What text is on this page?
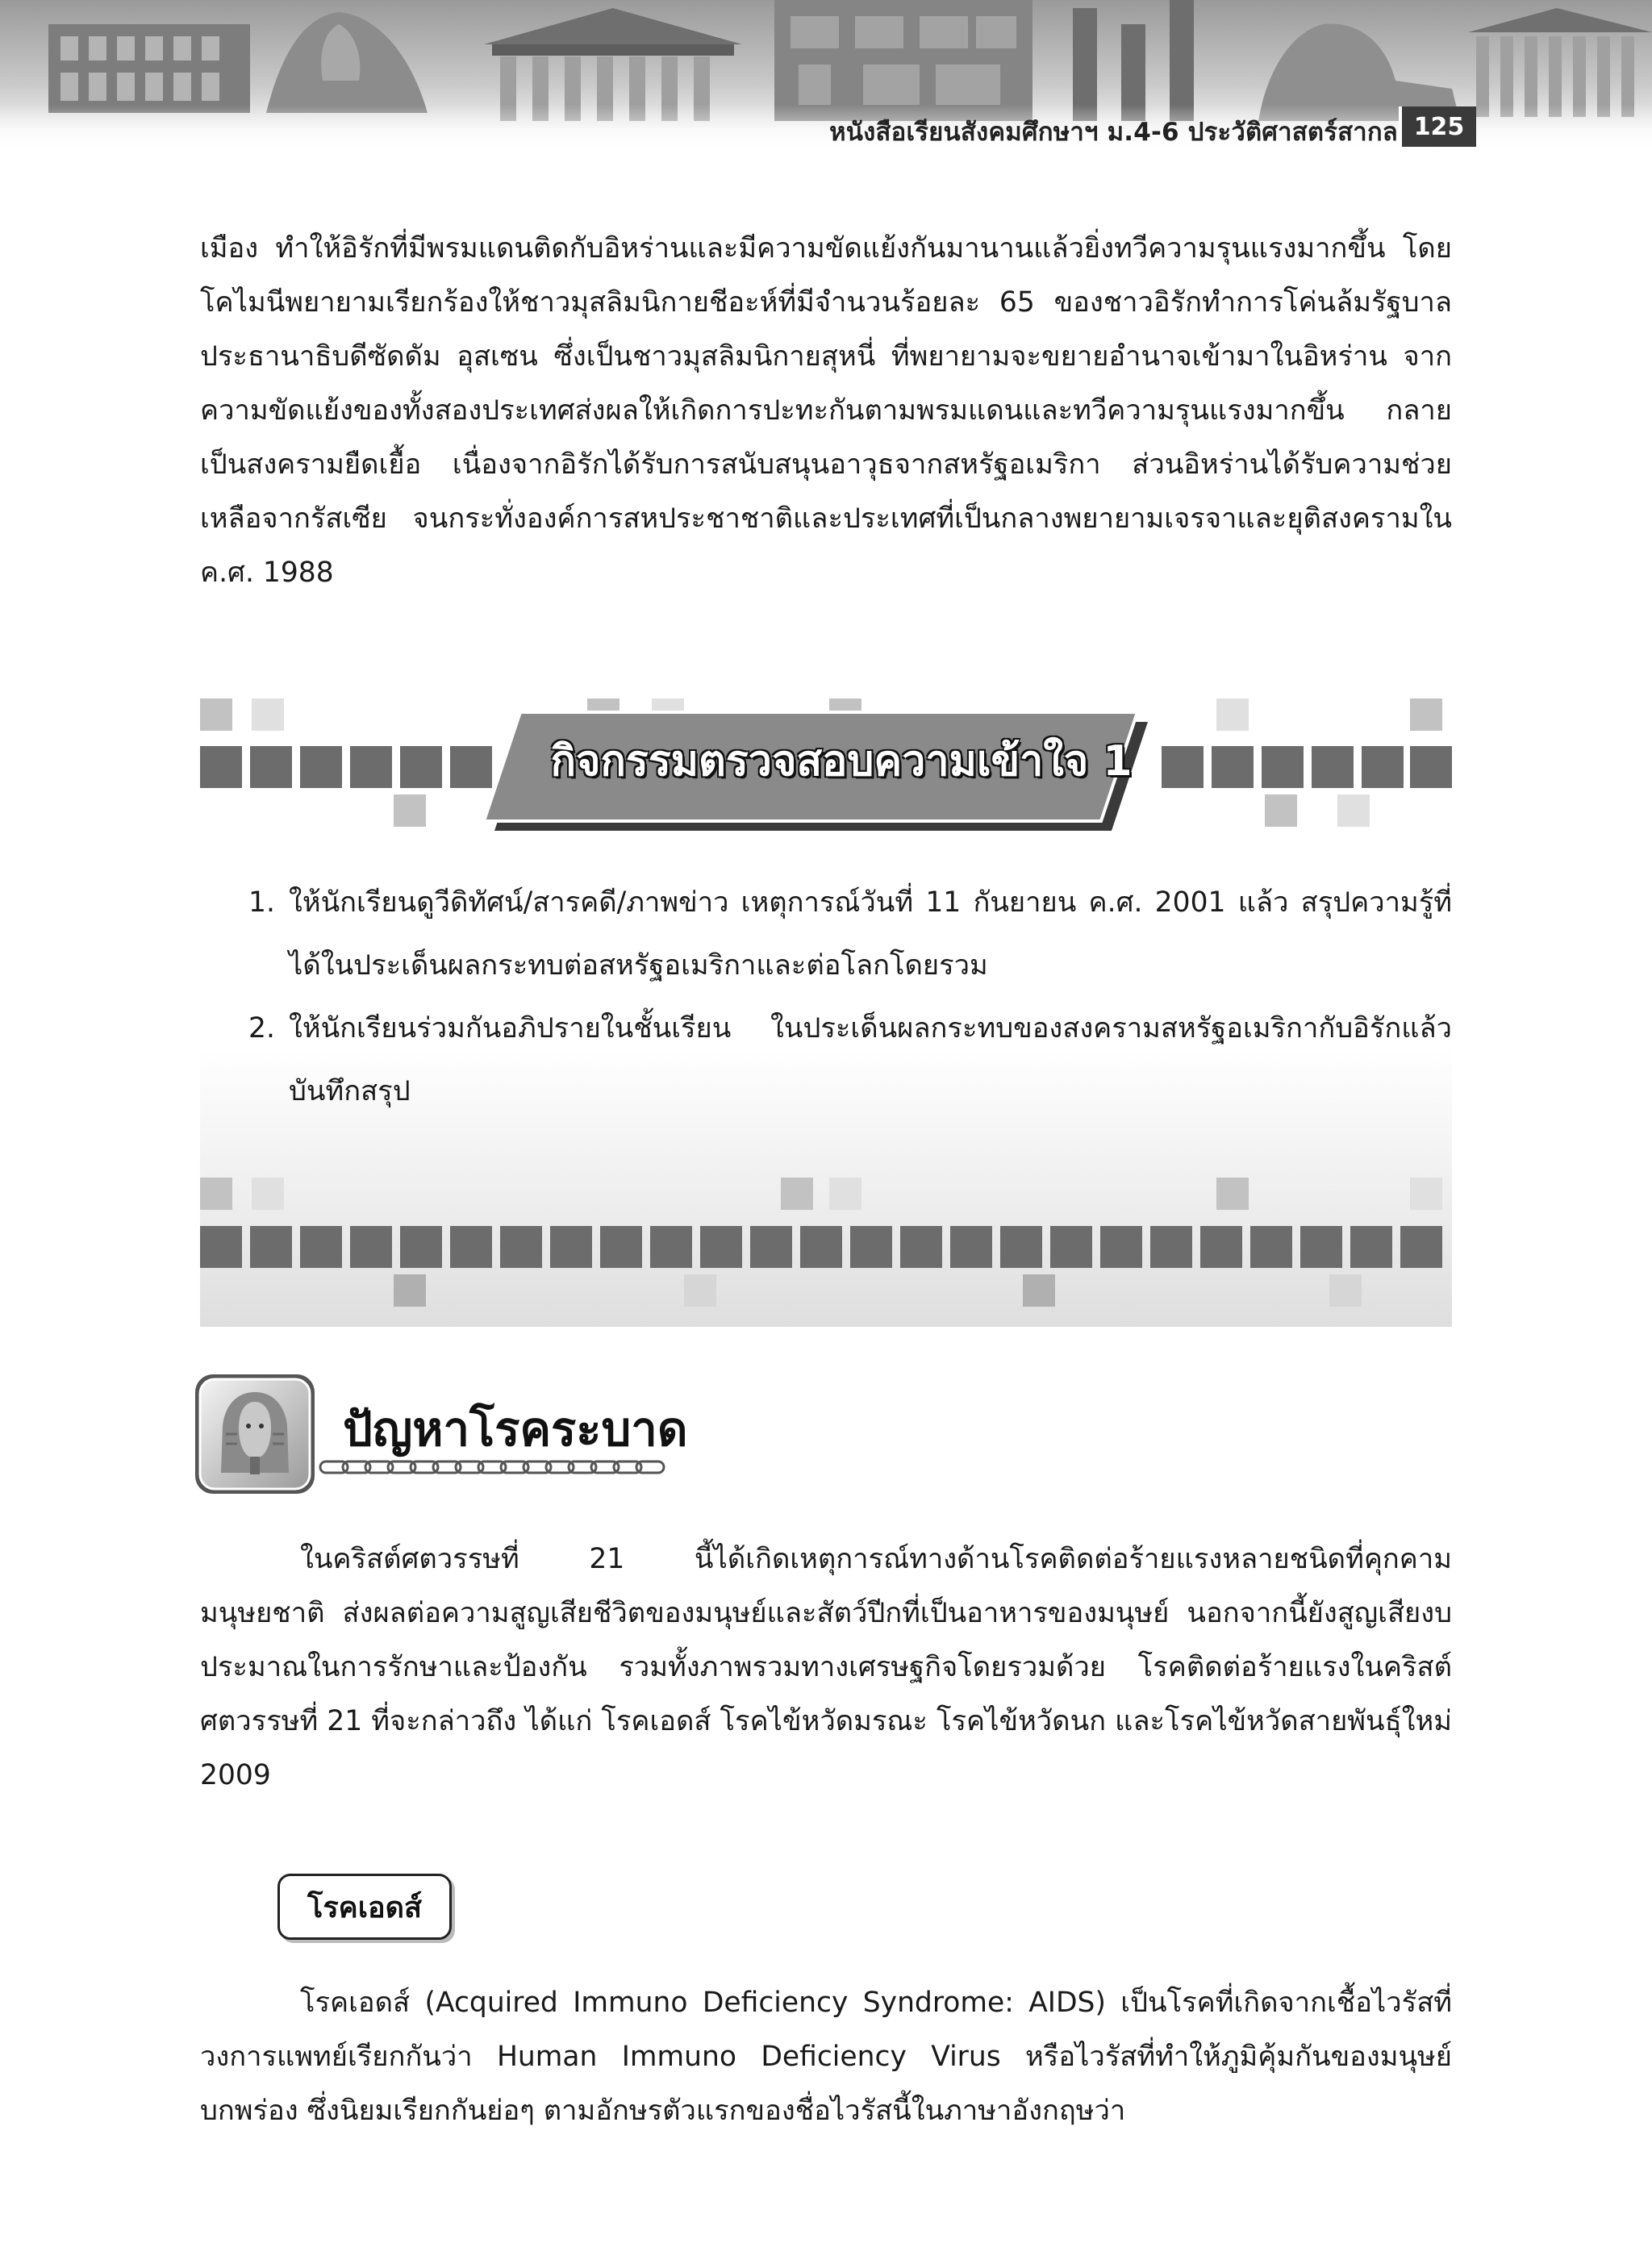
หนังสือเรียนสังคมศึกษาฯ ม.4-6 ประวัติศาสตร์สากล 125

เมือง ทำให้อิรักที่มีพรมแดนติดกับอิหร่านและมีความขัดแย้งกันมานานแล้วยิ่งทวีความรุนแรงมากขึ้น โดยโคไมนีพยายามเรียกร้องให้ชาวมุสลิมนิกายชีอะห์ที่มีจำนวนร้อยละ 65 ของชาวอิรักทำการโค่นล้มรัฐบาลประธานาธิบดีซัดดัม อุสเซน ซึ่งเป็นชาวมุสลิมนิกายสุหนี่ ที่พยายามจะขยายอำนาจเข้ามาในอิหร่าน จากความขัดแย้งของทั้งสองประเทศส่งผลให้เกิดการปะทะกันตามพรมแดนและทวีความรุนแรงมากขึ้น กลายเป็นสงครามยืดเยื้อ เนื่องจากอิรักได้รับการสนับสนุนอาวุธจากสหรัฐอเมริกา ส่วนอิหร่านได้รับความช่วยเหลือจากรัสเซีย จนกระทั่งองค์การสหประชาชาติและประเทศที่เป็นกลางพยายามเจรจาและยุติสงครามใน ค.ศ. 1988

กิจกรรมตรวจสอบความเข้าใจ 1
1. ให้นักเรียนดูวีดิทัศน์/สารคดี/ภาพข่าว เหตุการณ์วันที่ 11 กันยายน ค.ศ. 2001 แล้ว สรุปความรู้ที่ได้ในประเด็นผลกระทบต่อสหรัฐอเมริกาและต่อโลกโดยรวม
2. ให้นักเรียนร่วมกันอภิปรายในชั้นเรียน ในประเด็นผลกระทบของสงครามสหรัฐอเมริกากับอิรักแล้วบันทึกสรุป
ปัญหาโรคระบาด

ในคริสต์ศตวรรษที่ 21 นี้ได้เกิดเหตุการณ์ทางด้านโรคติดต่อร้ายแรงหลายชนิดที่คุกคามมนุษยชาติ ส่งผลต่อความสูญเสียชีวิตของมนุษย์และสัตว์ปีกที่เป็นอาหารของมนุษย์ นอกจากนี้ยังสูญเสียงบประมาณในการรักษาและป้องกัน รวมทั้งภาพรวมทางเศรษฐกิจโดยรวมด้วย โรคติดต่อร้ายแรงในคริสต์ศตวรรษที่ 21 ที่จะกล่าวถึง ได้แก่ โรคเอดส์ โรคไข้หวัดมรณะ โรคไข้หวัดนก และโรคไข้หวัดสายพันธุ์ใหม่ 2009

โรคเอดส์

โรคเอดส์ (Acquired Immuno Deficiency Syndrome: AIDS) เป็นโรคที่เกิดจากเชื้อไวรัสที่วงการแพทย์เรียกกันว่า Human Immuno Deficiency Virus หรือไวรัสที่ทำให้ภูมิคุ้มกันของมนุษย์บกพร่อง ซึ่งนิยมเรียกกันย่อๆ ตามอักษรตัวแรกของชื่อไวรัสนี้ในภาษาอังกฤษว่า
